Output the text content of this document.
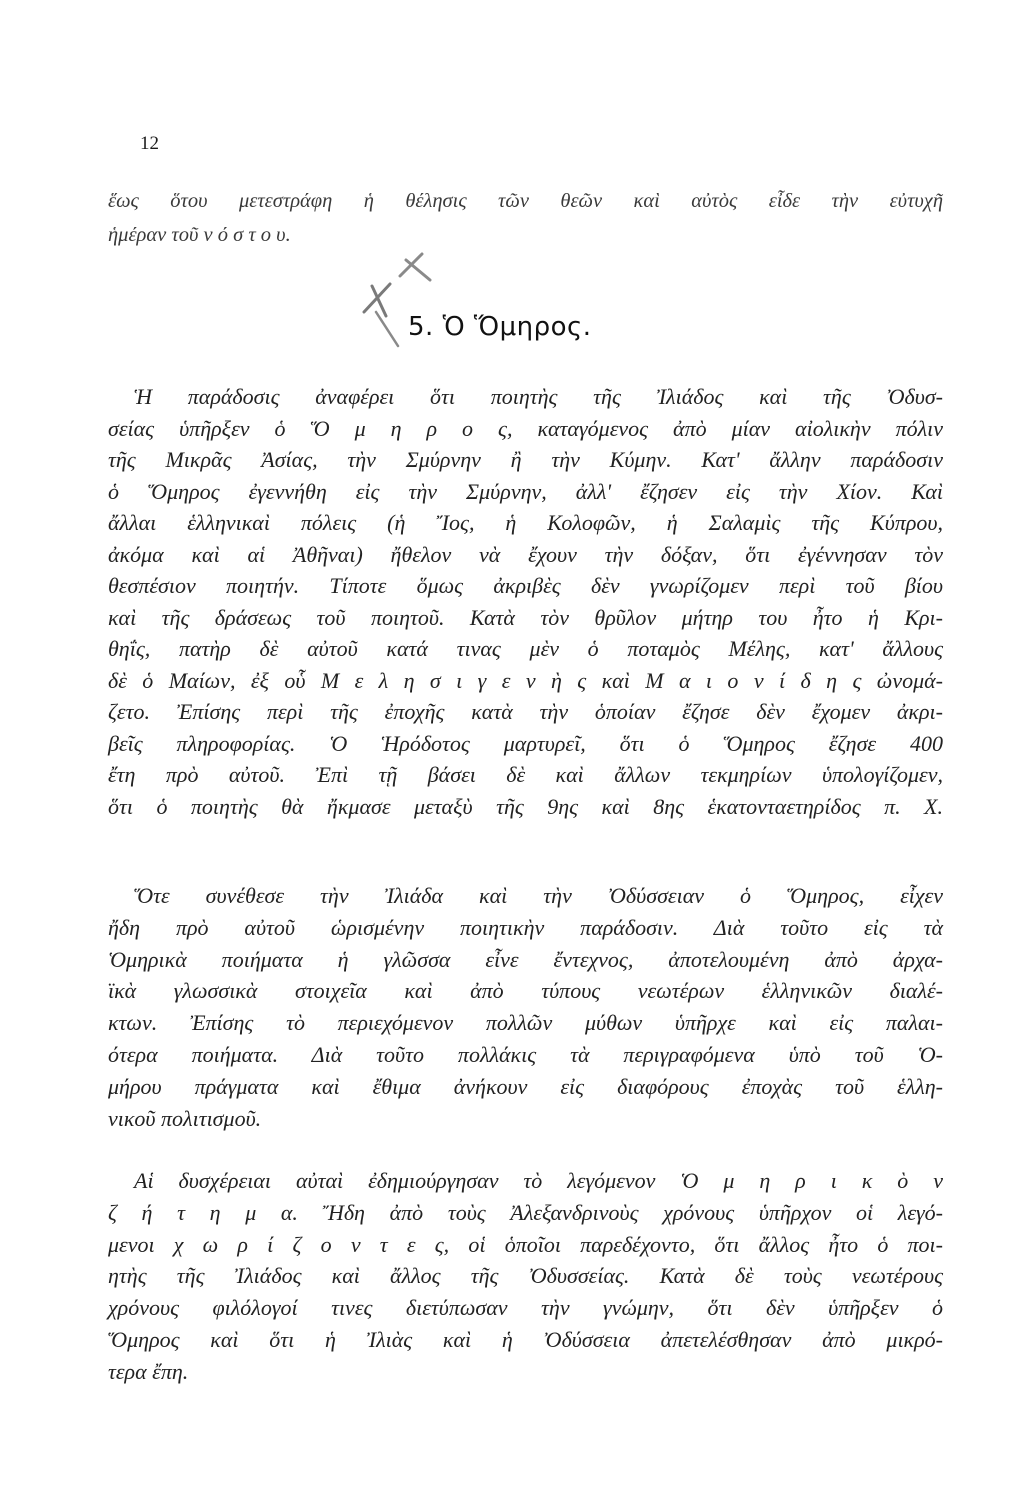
12
ἕως ὅτου μετεστράφη ἡ θέλησις τῶν θεῶν καὶ αὐτὸς εἶδε τὴν εὐτυχῆ
ἡμέραν τοῦ ν ό σ τ ο υ.
5. Ὁ Ὅμηρος.
Ἡ παράδοσις ἀναφέρει ὅτι ποιητὴς τῆς Ἰλιάδος καὶ τῆς Ὀδυσ-
σείας ὑπῆρξεν ὁ Ὅ μ η ρ ο ς, καταγόμενος ἀπὸ μίαν αἰολικὴν πόλιν
τῆς Μικρᾶς Ἀσίας, τὴν Σμύρνην ἢ τὴν Κύμην. Κατ' ἄλλην παράδοσιν
ὁ Ὅμηρος ἐγεννήθη εἰς τὴν Σμύρνην, ἀλλ' ἔζησεν εἰς τὴν Χίον. Καὶ
ἄλλαι ἑλληνικαὶ πόλεις (ἡ Ἴος, ἡ Κολοφῶν, ἡ Σαλαμὶς τῆς Κύπρου,
ἀκόμα καὶ αἱ Ἀθῆναι) ἤθελον νὰ ἔχουν τὴν δόξαν, ὅτι ἐγέννησαν τὸν
θεσπέσιον ποιητήν. Τίποτε ὅμως ἀκριβὲς δὲν γνωρίζομεν περὶ τοῦ βίου
καὶ τῆς δράσεως τοῦ ποιητοῦ. Κατὰ τὸν θρῦλον μήτηρ του ἦτο ἡ Κρι-
θηΐς, πατὴρ δὲ αὐτοῦ κατά τινας μὲν ὁ ποταμὸς Μέλης, κατ' ἄλλους
δὲ ὁ Μαίων, ἐξ οὗ Μ ε λ η σ ι γ ε ν ὴ ς καὶ Μ α ι ο ν ί δ η ς ὠνομά-
ζετο. Ἐπίσης περὶ τῆς ἐποχῆς κατὰ τὴν ὁποίαν ἔζησε δὲν ἔχομεν ἀκρι-
βεῖς πληροφορίας. Ὁ Ἡρόδοτος μαρτυρεῖ, ὅτι ὁ Ὅμηρος ἔζησε 400
ἔτη πρὸ αὐτοῦ. Ἐπὶ τῇ βάσει δὲ καὶ ἄλλων τεκμηρίων ὑπολογίζομεν,
ὅτι ὁ ποιητὴς θὰ ἤκμασε μεταξὺ τῆς 9ης καὶ 8ης ἑκατονταετηρίδος π. Χ.
Ὅτε συνέθεσε τὴν Ἰλιάδα καὶ τὴν Ὀδύσσειαν ὁ Ὅμηρος, εἶχεν
ἤδη πρὸ αὐτοῦ ὡρισμένην ποιητικὴν παράδοσιν. Διὰ τοῦτο εἰς τὰ
Ὁμηρικὰ ποιήματα ἡ γλῶσσα εἶνε ἔντεχνος, ἀποτελουμένη ἀπὸ ἀρχα-
ϊκὰ γλωσσικὰ στοιχεῖα καὶ ἀπὸ τύπους νεωτέρων ἑλληνικῶν διαλέ-
κτων. Ἐπίσης τὸ περιεχόμενον πολλῶν μύθων ὑπῆρχε καὶ εἰς παλαι-
ότερα ποιήματα. Διὰ τοῦτο πολλάκις τὰ περιγραφόμενα ὑπὸ τοῦ Ὁ-
μήρου πράγματα καὶ ἔθιμα ἀνήκουν εἰς διαφόρους ἐποχὰς τοῦ ἑλλη-
νικοῦ πολιτισμοῦ.
Αἱ δυσχέρειαι αὐταὶ ἐδημιούργησαν τὸ λεγόμενον Ὁ μ η ρ ι κ ὸ ν
ζ ή τ η μ α. Ἤδη ἀπὸ τοὺς Ἀλεξανδρινοὺς χρόνους ὑπῆρχον οἱ λεγό-
μενοι χ ω ρ ί ζ ο ν τ ε ς, οἱ ὁποῖοι παρεδέχοντο, ὅτι ἄλλος ἦτο ὁ ποι-
ητὴς τῆς Ἰλιάδος καὶ ἄλλος τῆς Ὀδυσσείας. Κατὰ δὲ τοὺς νεωτέρους
χρόνους φιλόλογοί τινες διετύπωσαν τὴν γνώμην, ὅτι δὲν ὑπῆρξεν ὁ
Ὅμηρος καὶ ὅτι ἡ Ἰλιὰς καὶ ἡ Ὀδύσσεια ἀπετελέσθησαν ἀπὸ μικρό-
τερα ἔπη.
